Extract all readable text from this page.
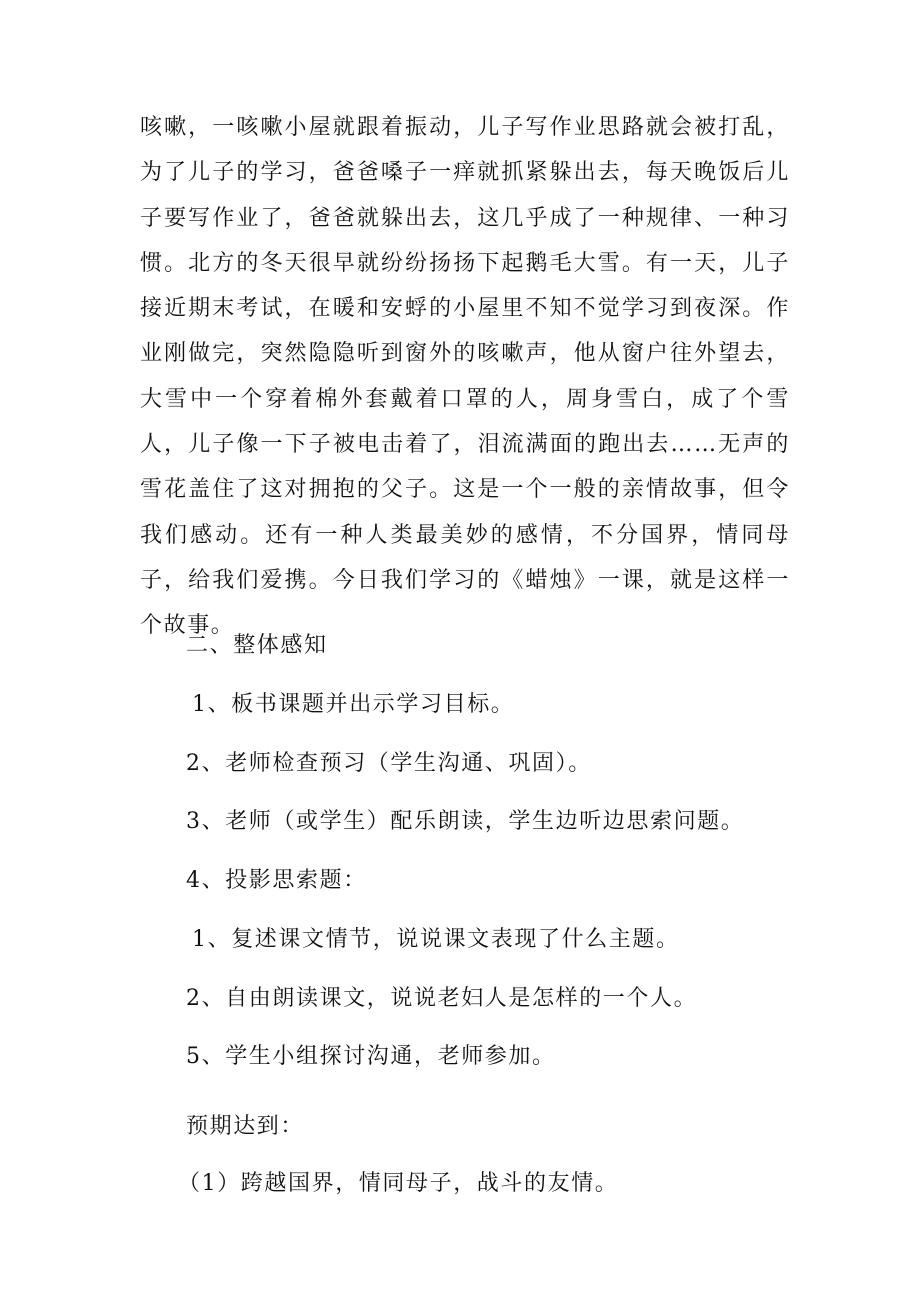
咳嗽，一咳嗽小屋就跟着振动，儿子写作业思路就会被打乱，为了儿子的学习，爸爸嗓子一痒就抓紧躲出去，每天晚饭后儿子要写作业了，爸爸就躲出去，这几乎成了一种规律、一种习惯。北方的冬天很早就纷纷扬扬下起鹅毛大雪。有一天，儿子接近期末考试，在暖和安蜉的小屋里不知不觉学习到夜深。作业刚做完，突然隐隐听到窗外的咳嗽声，他从窗户往外望去，大雪中一个穿着棉外套戴着口罩的人，周身雪白，成了个雪人，儿子像一下子被电击着了，泪流满面的跑出去……无声的雪花盖住了这对拥抱的父子。这是一个一般的亲情故事，但令我们感动。还有一种人类最美妙的感情，不分国界，情同母子，给我们爱携。今日我们学习的《蜡烛》一课，就是这样一个故事。

二、整体感知

1、板书课题并出示学习目标。

2、老师检查预习（学生沟通、巩固）。

3、老师（或学生）配乐朗读，学生边听边思索问题。

4、投影思索题：

1、复述课文情节，说说课文表现了什么主题。

2、自由朗读课文，说说老妇人是怎样的一个人。

5、学生小组探讨沟通，老师参加。

预期达到：

（1）跨越国界，情同母子，战斗的友情。
